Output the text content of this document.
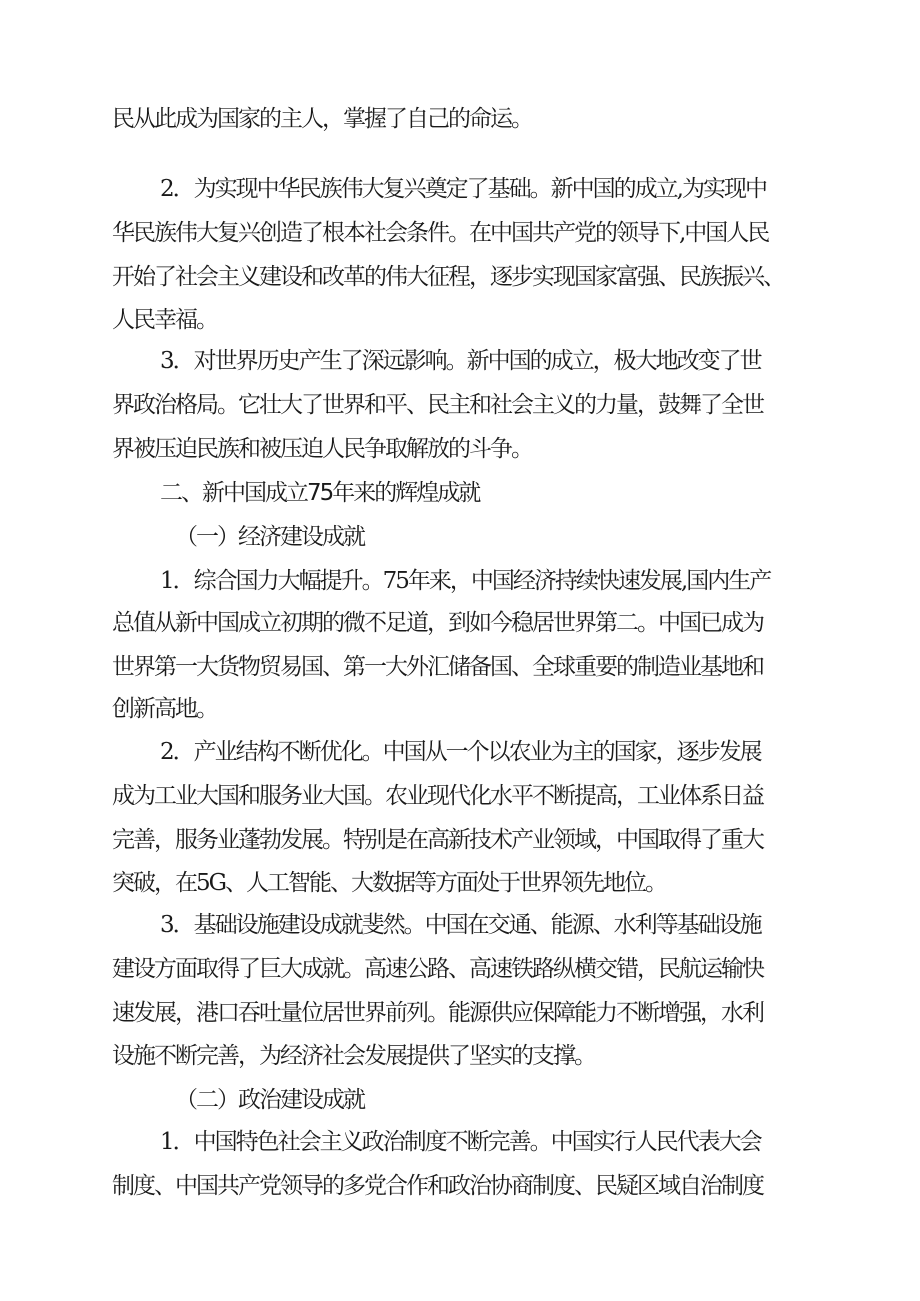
民从此成为国家的主人，掌握了自己的命运。
2．为实现中华民族伟大复兴奠定了基础。新中国的成立,为实现中
华民族伟大复兴创造了根本社会条件。在中国共产党的领导下,中国人民
开始了社会主义建设和改革的伟大征程，逐步实现国家富强、民族振兴、
人民幸福。
3．对世界历史产生了深远影响。新中国的成立，极大地改变了世
界政治格局。它壮大了世界和平、民主和社会主义的力量，鼓舞了全世
界被压迫民族和被压迫人民争取解放的斗争。
二、新中国成立75年来的辉煌成就
（一）经济建设成就
1．综合国力大幅提升。75年来，中国经济持续快速发展,国内生产
总值从新中国成立初期的微不足道，到如今稳居世界第二。中国已成为
世界第一大货物贸易国、第一大外汇储备国、全球重要的制造业基地和
创新高地。
2．产业结构不断优化。中国从一个以农业为主的国家，逐步发展
成为工业大国和服务业大国。农业现代化水平不断提高，工业体系日益
完善，服务业蓬勃发展。特别是在高新技术产业领域，中国取得了重大
突破，在5G、人工智能、大数据等方面处于世界领先地位。
3．基础设施建设成就斐然。中国在交通、能源、水利等基础设施
建设方面取得了巨大成就。高速公路、高速铁路纵横交错，民航运输快
速发展，港口吞吐量位居世界前列。能源供应保障能力不断增强，水利
设施不断完善，为经济社会发展提供了坚实的支撑。
（二）政治建设成就
1．中国特色社会主义政治制度不断完善。中国实行人民代表大会
制度、中国共产党领导的多党合作和政治协商制度、民疑区域自治制度
